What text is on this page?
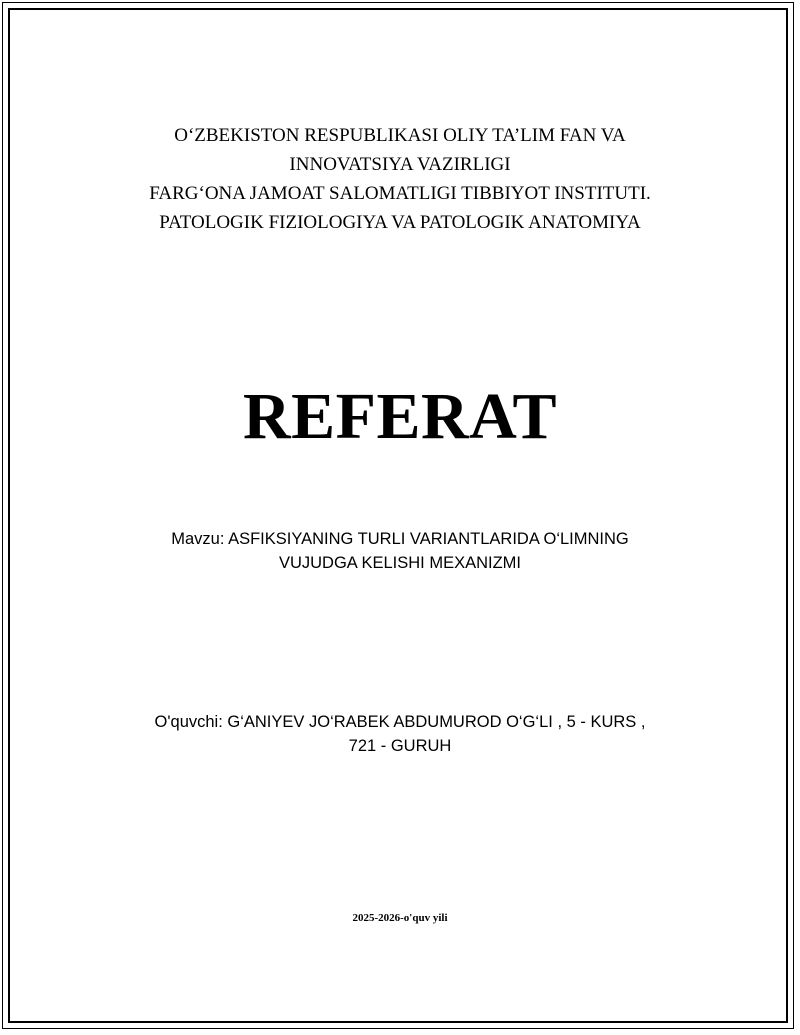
O‘ZBEKISTON RESPUBLIKASI OLIY TA’LIM FAN VA
INNOVATSIYA VAZIRLIGI
FARG‘ONA JAMOAT SALOMATLIGI TIBBIYOT INSTITUTI.
PATOLOGIK FIZIOLOGIYA VA PATOLOGIK ANATOMIYA
REFERAT
Mavzu: ASFIKSIYANING TURLI VARIANTLARIDA O‘LIMNING
VUJUDGA KELISHI MEXANIZMI
O'quvchi: G‘ANIYEV JO‘RABEK ABDUMUROD O‘G‘LI , 5 - KURS ,
721 - GURUH
2025-2026-o'quv yili
